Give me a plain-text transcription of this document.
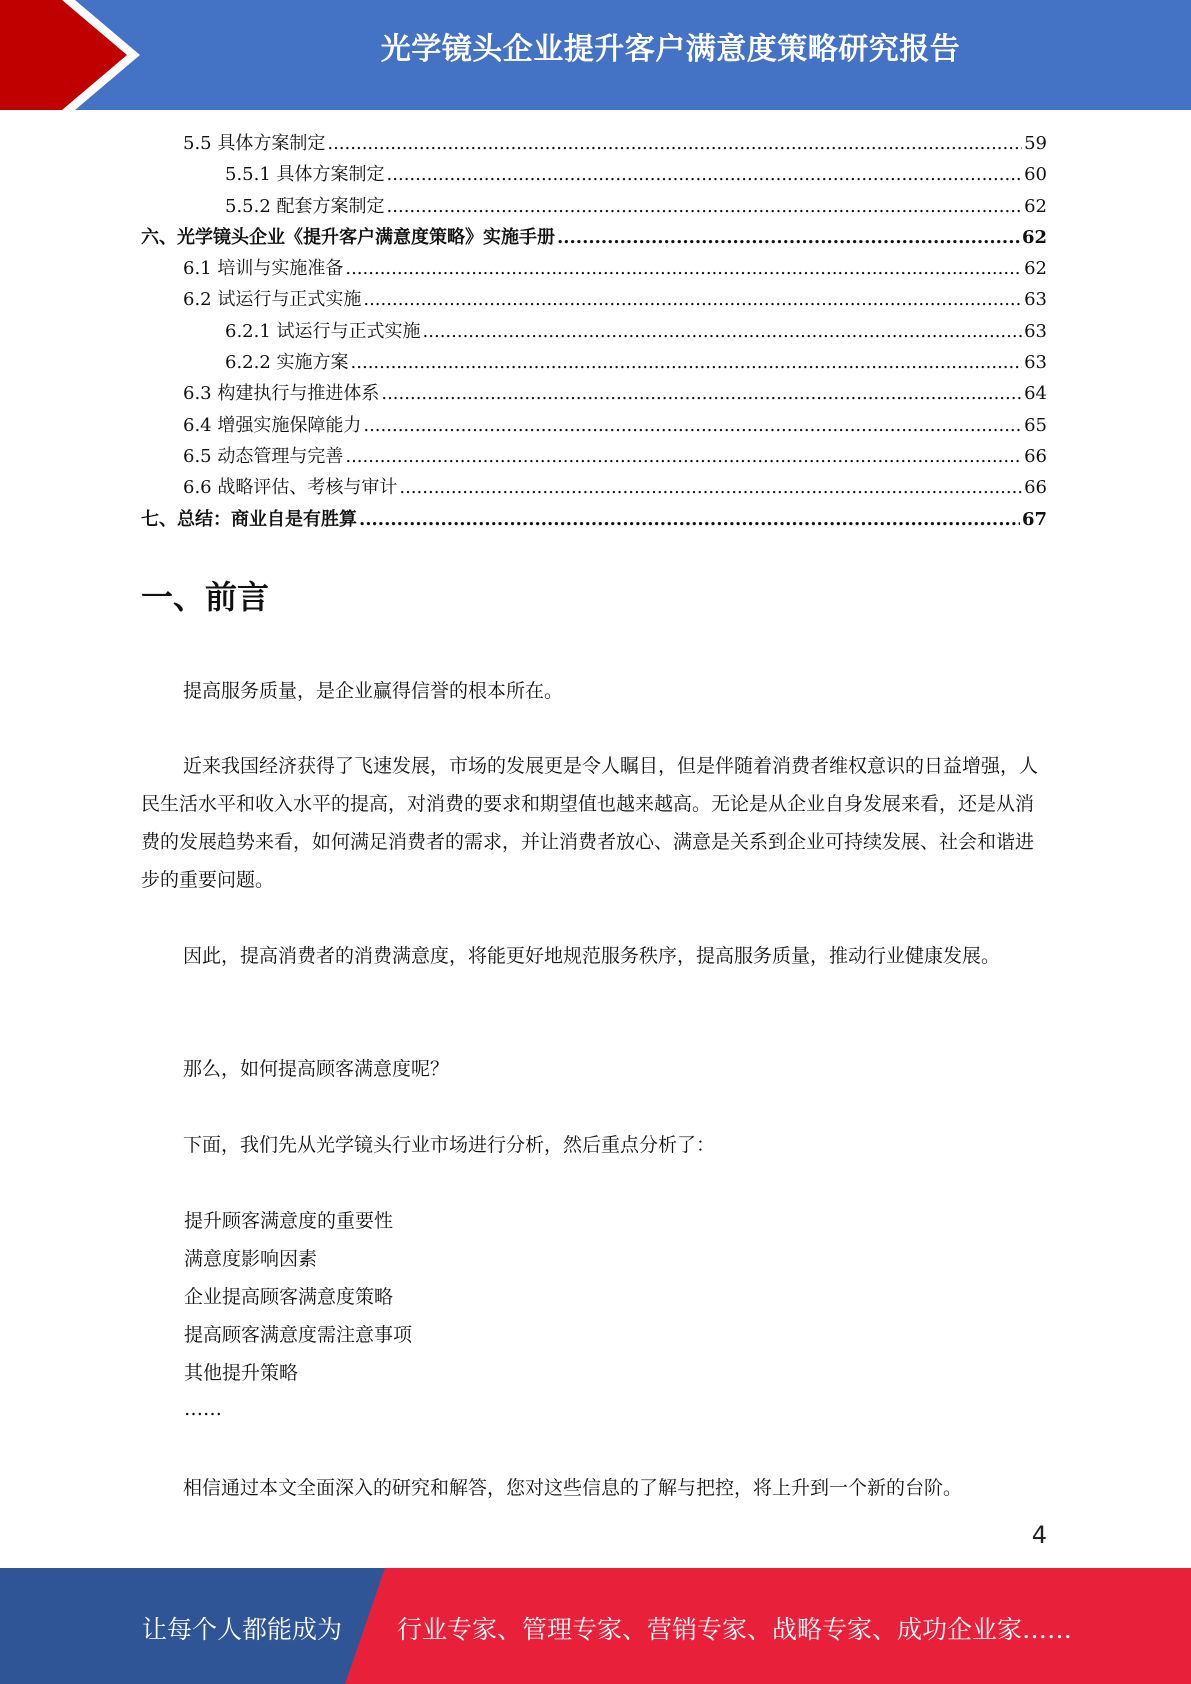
光学镜头企业提升客户满意度策略研究报告
5.5 具体方案制定 .....	59
5.5.1 具体方案制定 .....	60
5.5.2 配套方案制定 .....	62
六、光学镜头企业《提升客户满意度策略》实施手册 .....	62
6.1 培训与实施准备 .....	62
6.2 试运行与正式实施 .....	63
6.2.1 试运行与正式实施 .....	63
6.2.2 实施方案 .....	63
6.3 构建执行与推进体系 .....	64
6.4 增强实施保障能力 .....	65
6.5 动态管理与完善 .....	66
6.6 战略评估、考核与审计 .....	66
七、总结：商业自是有胜算 .....	67
一、前言

提高服务质量，是企业赢得信誉的根本所在。

近来我国经济获得了飞速发展，市场的发展更是令人瞩目，但是伴随着消费者维权意识的日益增强，人民生活水平和收入水平的提高，对消费的要求和期望值也越来越高。无论是从企业自身发展来看，还是从消费的发展趋势来看，如何满足消费者的需求，并让消费者放心、满意是关系到企业可持续发展、社会和谐进步的重要问题。

因此，提高消费者的消费满意度，将能更好地规范服务秩序，提高服务质量，推动行业健康发展。

那么，如何提高顾客满意度呢？

下面，我们先从光学镜头行业市场进行分析，然后重点分析了：

提升顾客满意度的重要性

满意度影响因素

企业提高顾客满意度策略

提高顾客满意度需注意事项

其他提升策略

……

相信通过本文全面深入的研究和解答，您对这些信息的了解与把控，将上升到一个新的台阶。

4
让每个人都能成为 行业专家、管理专家、营销专家、战略专家、成功企业家……
